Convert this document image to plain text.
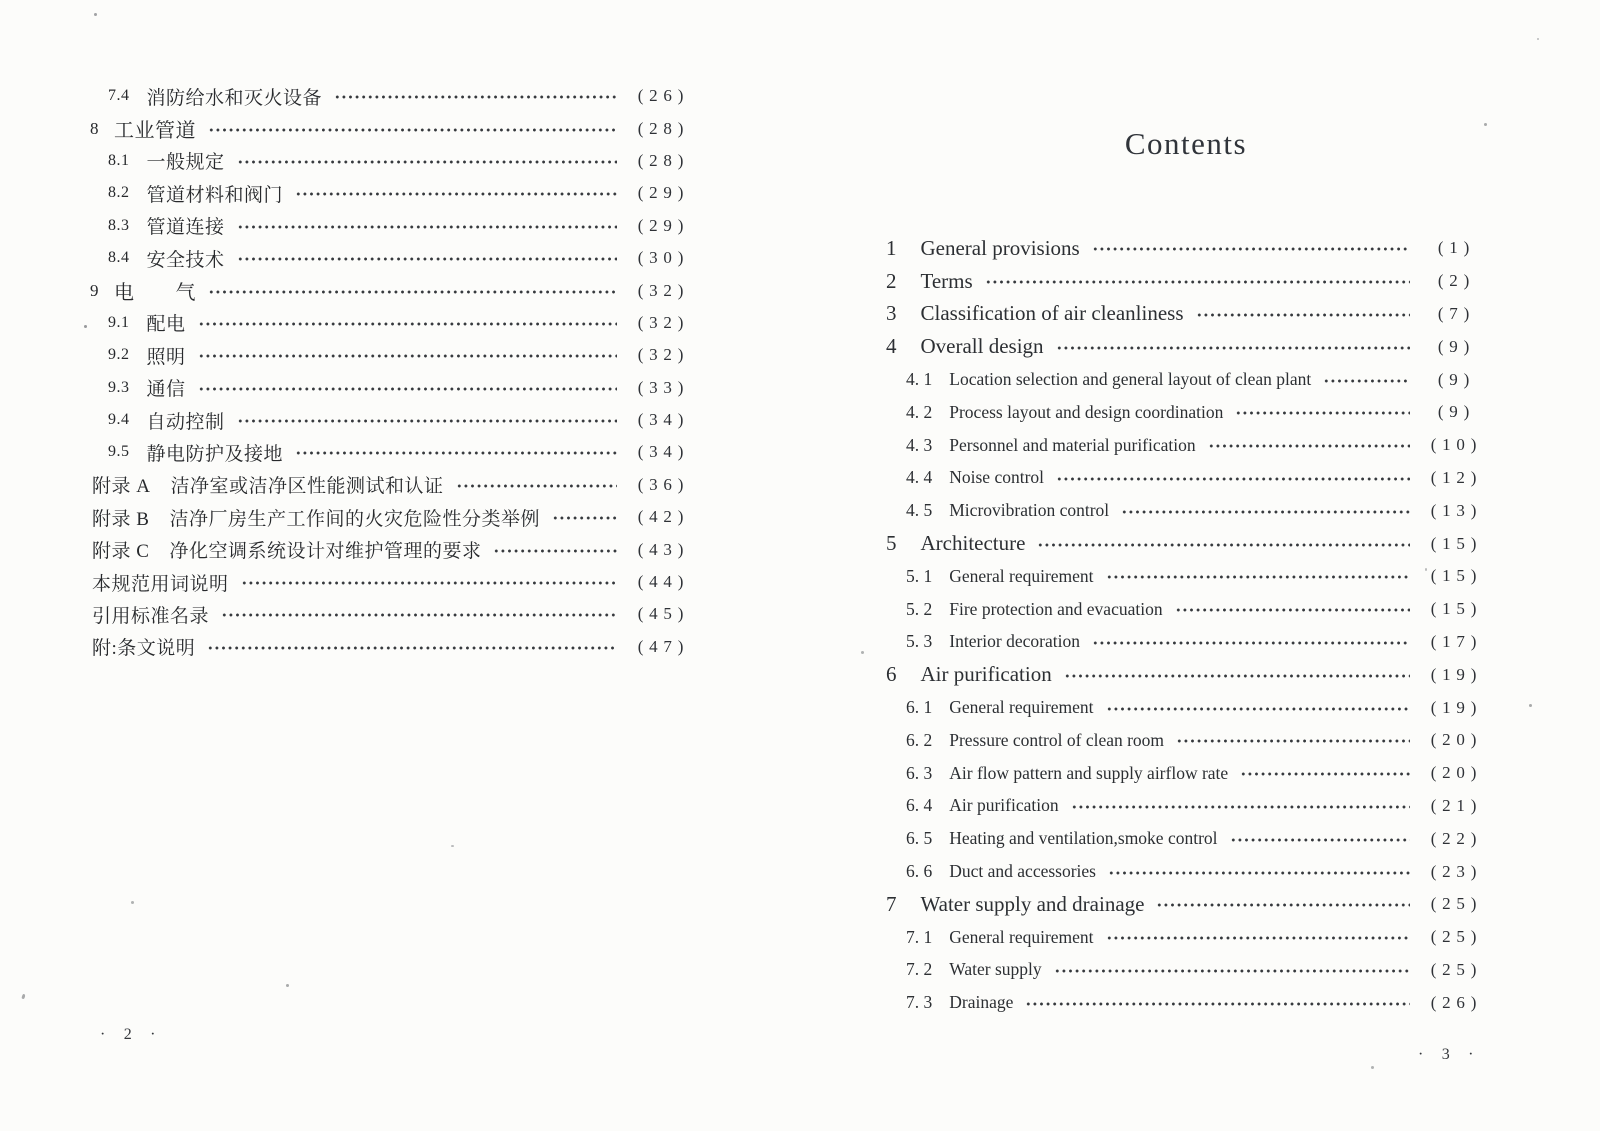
7.4 消防给水和灭火设备	(26)
8 工业管道	(28)
8.1 一般规定	(28)
8.2 管道材料和阀门	(29)
8.3 管道连接	(29)
8.4 安全技术	(30)
9 电　　气	(32)
9.1 配电	(32)
9.2 照明	(32)
9.3 通信	(33)
9.4 自动控制	(34)
9.5 静电防护及接地	(34)
附录 A 洁净室或洁净区性能测试和认证	(36)
附录 B 洁净厂房生产工作间的火灾危险性分类举例	(42)
附录 C 净化空调系统设计对维护管理的要求	(43)
本规范用词说明	(44)
引用标准名录	(45)
附:条文说明	(47)
Contents
1 General provisions	(1)
2 Terms	(2)
3 Classification of air cleanliness	(7)
4 Overall design	(9)
4. 1 Location selection and general layout of clean plant	(9)
4. 2 Process layout and design coordination	(9)
4. 3 Personnel and material purification	(10)
4. 4 Noise control	(12)
4. 5 Microvibration control	(13)
5 Architecture	(15)
5. 1 General requirement	(15)
5. 2 Fire protection and evacuation	(15)
5. 3 Interior decoration	(17)
6 Air purification	(19)
6. 1 General requirement	(19)
6. 2 Pressure control of clean room	(20)
6. 3 Air flow pattern and supply airflow rate	(20)
6. 4 Air purification	(21)
6. 5 Heating and ventilation,smoke control	(22)
6. 6 Duct and accessories	(23)
7 Water supply and drainage	(25)
7. 1 General requirement	(25)
7. 2 Water supply	(25)
7. 3 Drainage	(26)
· 2 ·
· 3 ·
